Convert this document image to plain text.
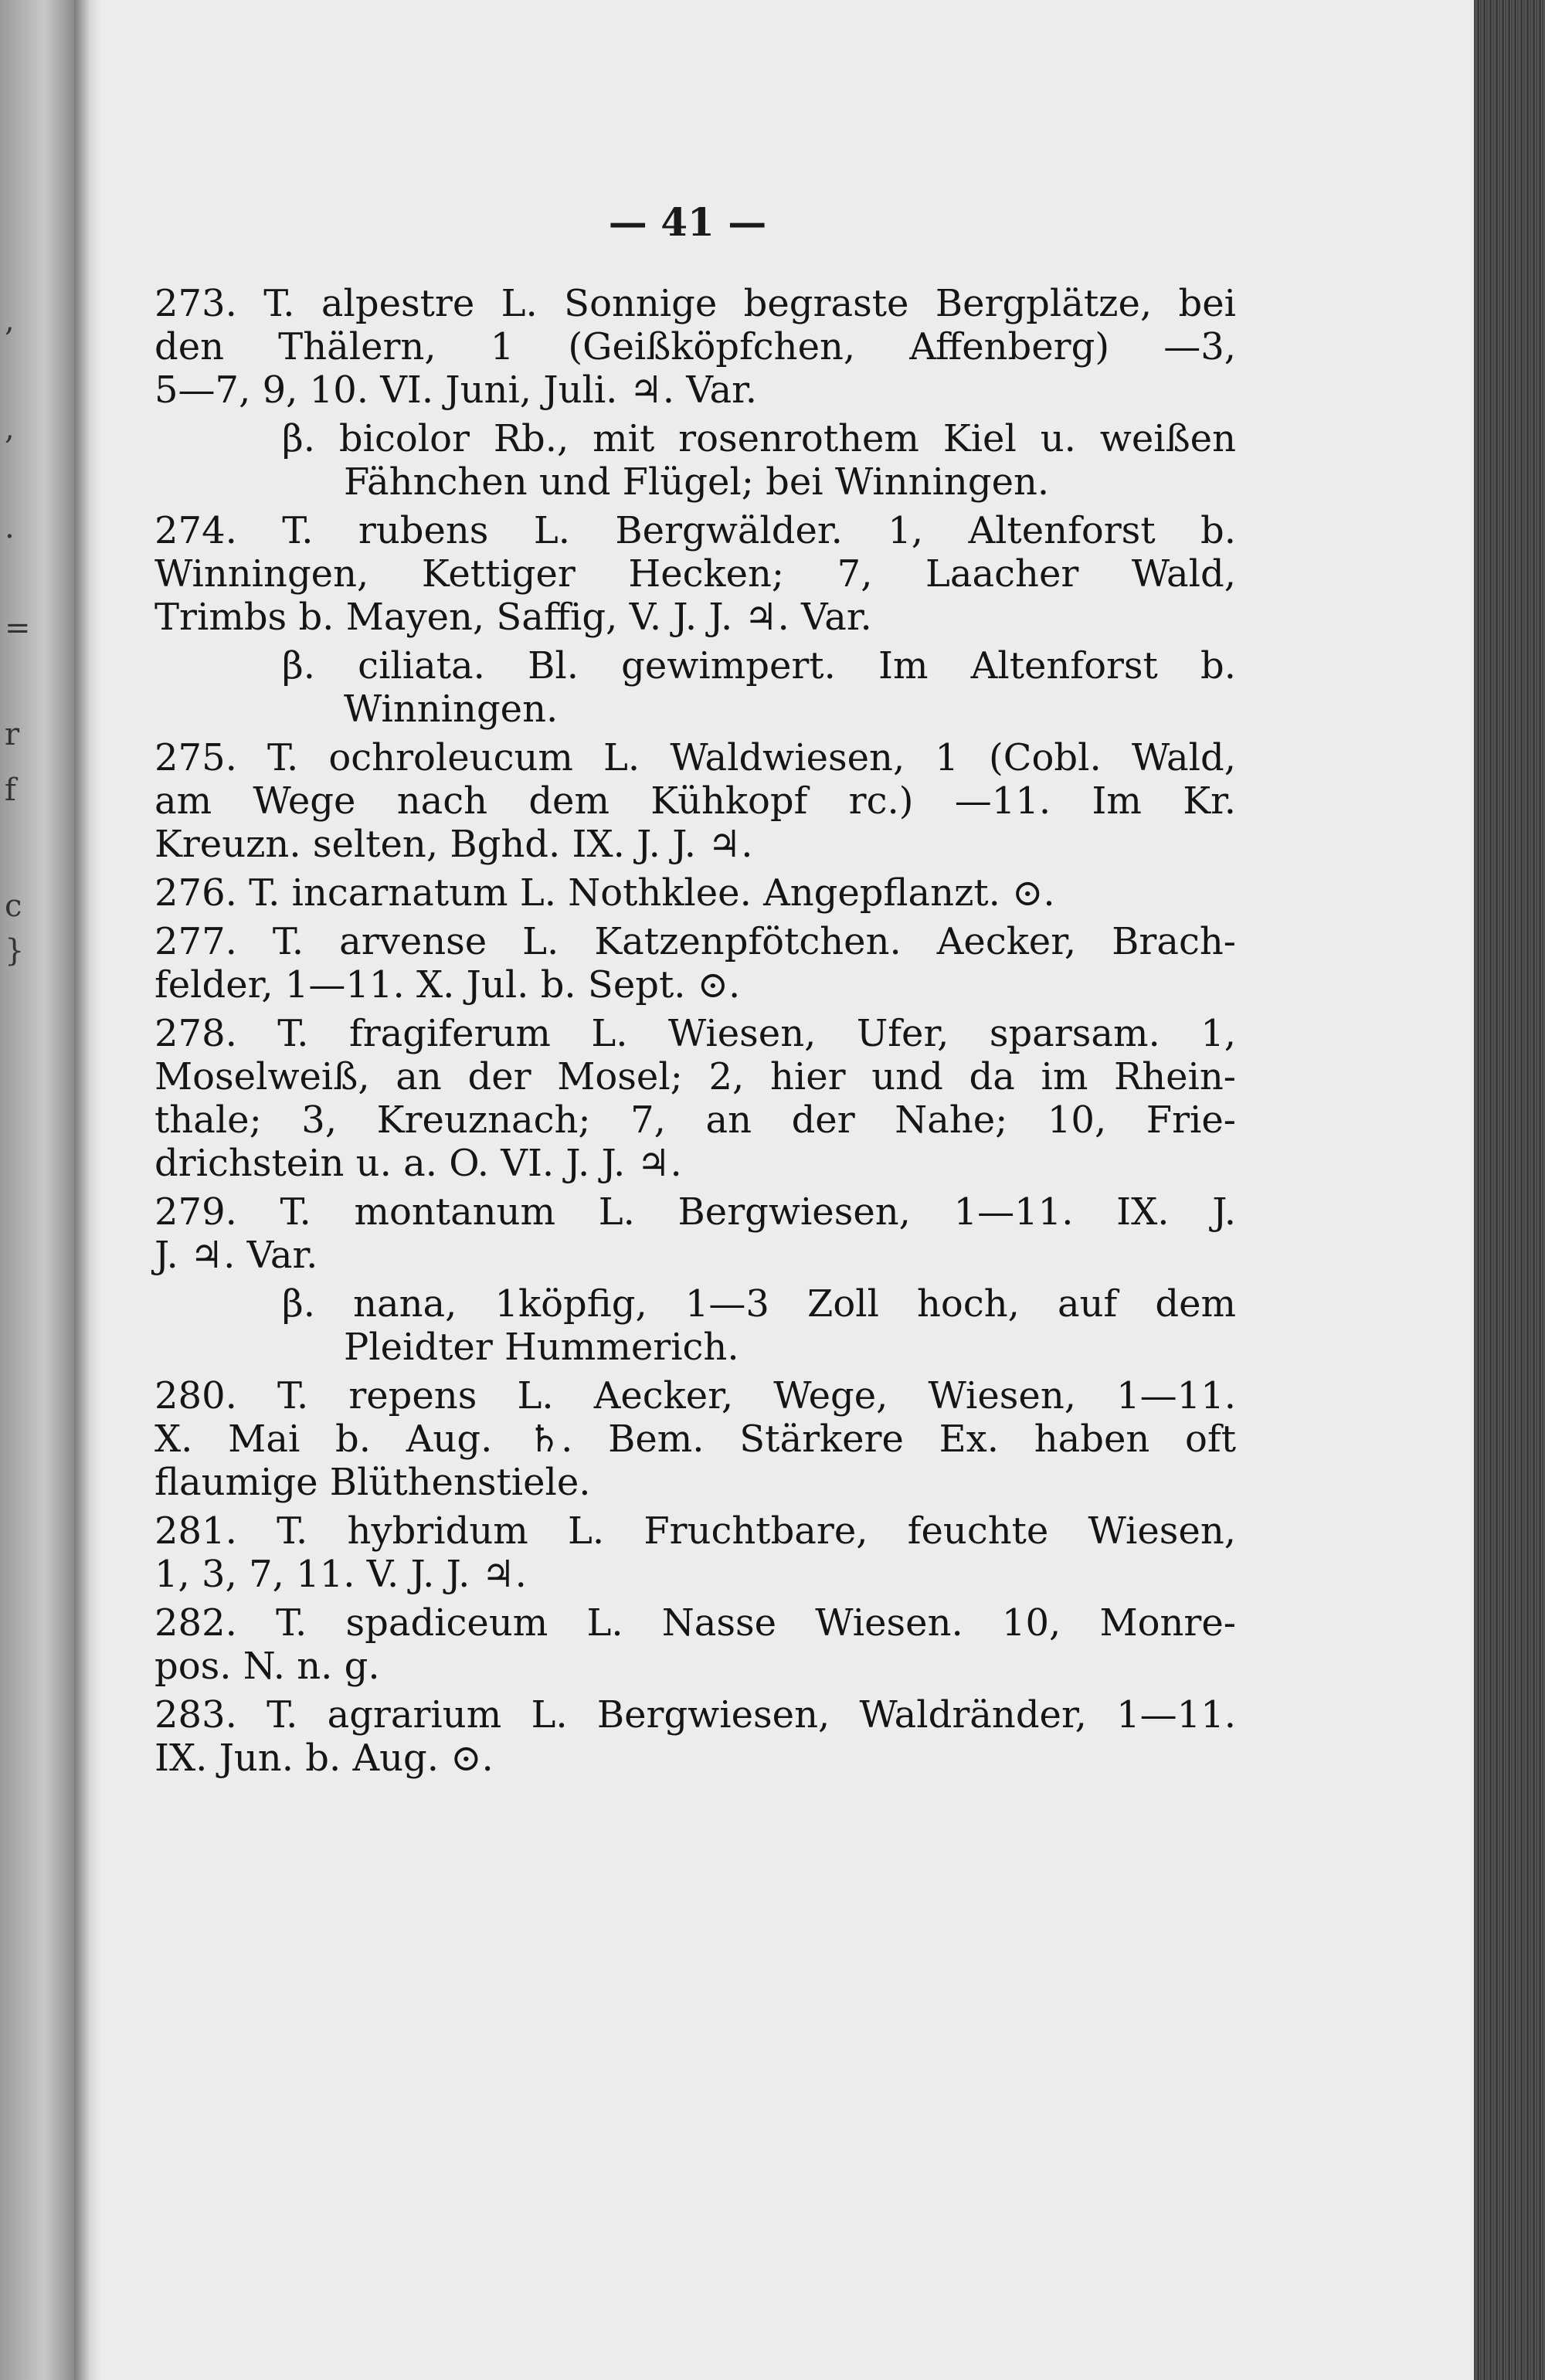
,
,
.
=
r
f
c
}
— 41 —
273. T. alpestre L. Sonnige begraste Bergplätze, bei
den Thälern, 1 (Geißköpfchen, Affenberg) —3,
5—7, 9, 10. VI. Juni, Juli. ♃. Var.
β. bicolor Rb., mit rosenrothem Kiel u. weißen
Fähnchen und Flügel; bei Winningen.
274. T. rubens L. Bergwälder. 1, Altenforst b.
Winningen, Kettiger Hecken; 7, Laacher Wald,
Trimbs b. Mayen, Saffig, V. J. J. ♃. Var.
β. ciliata. Bl. gewimpert. Im Altenforst b.
Winningen.
275. T. ochroleucum L. Waldwiesen, 1 (Cobl. Wald,
am Wege nach dem Kühkopf rc.) —11. Im Kr.
Kreuzn. selten, Bghd. IX. J. J. ♃.
276. T. incarnatum L. Nothklee. Angepflanzt. ⊙.
277. T. arvense L. Katzenpfötchen. Aecker, Brach-
felder, 1—11. X. Jul. b. Sept. ⊙.
278. T. fragiferum L. Wiesen, Ufer, sparsam. 1,
Moselweiß, an der Mosel; 2, hier und da im Rhein-
thale; 3, Kreuznach; 7, an der Nahe; 10, Frie-
drichstein u. a. O. VI. J. J. ♃.
279. T. montanum L. Bergwiesen, 1—11. IX. J.
J. ♃. Var.
β. nana, 1köpfig, 1—3 Zoll hoch, auf dem
Pleidter Hummerich.
280. T. repens L. Aecker, Wege, Wiesen, 1—11.
X. Mai b. Aug. ♄. Bem. Stärkere Ex. haben oft
flaumige Blüthenstiele.
281. T. hybridum L. Fruchtbare, feuchte Wiesen,
1, 3, 7, 11. V. J. J. ♃.
282. T. spadiceum L. Nasse Wiesen. 10, Monre-
pos. N. n. g.
283. T. agrarium L. Bergwiesen, Waldränder, 1—11.
IX. Jun. b. Aug. ⊙.
